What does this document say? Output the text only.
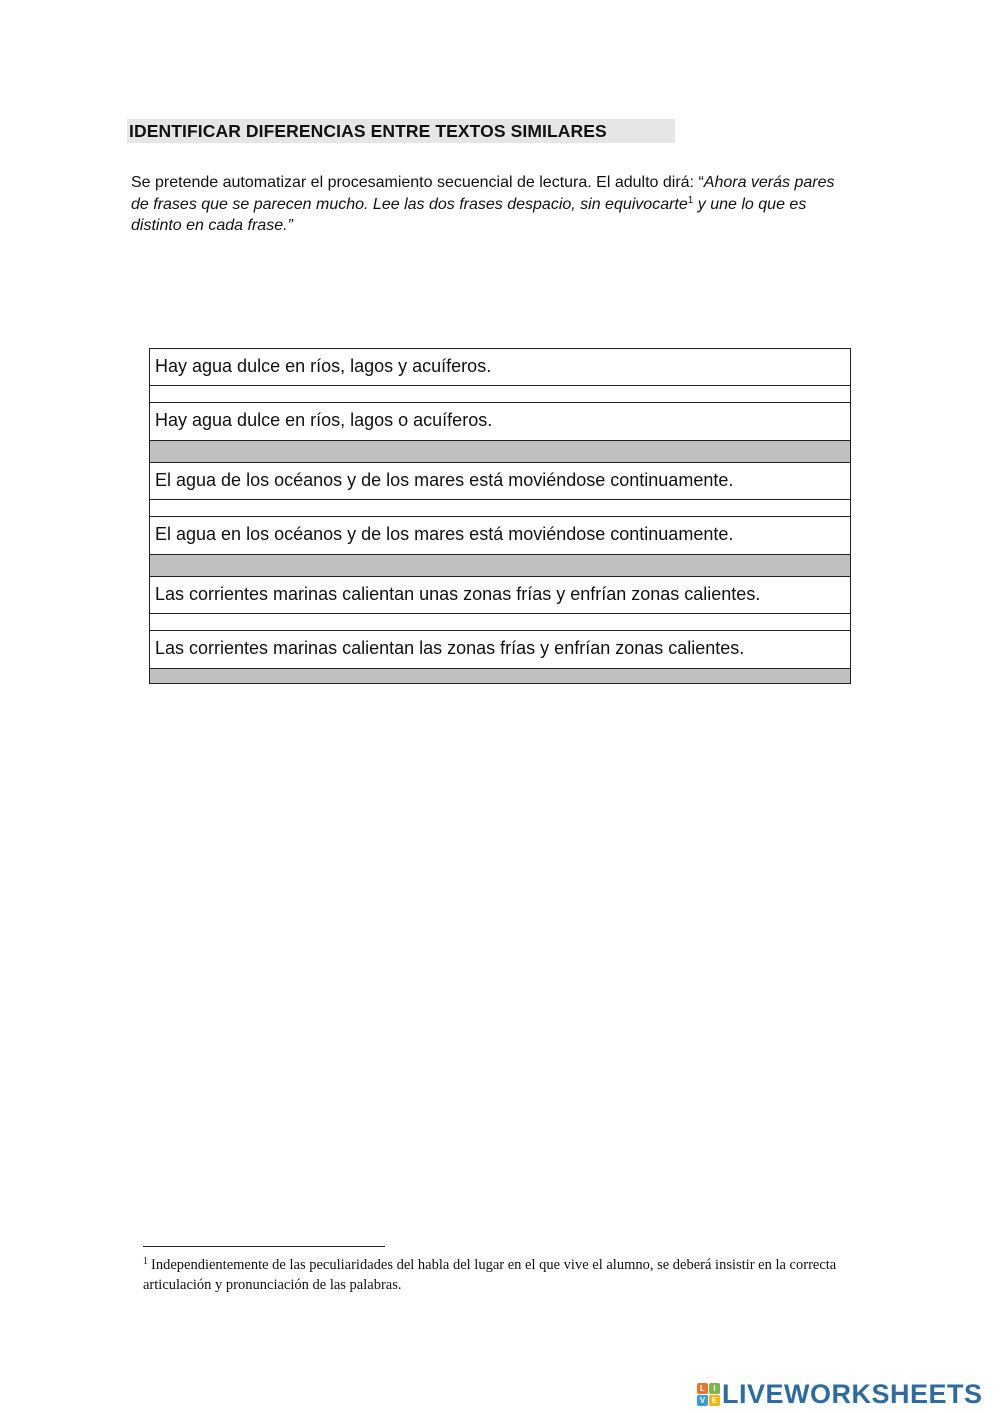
IDENTIFICAR DIFERENCIAS ENTRE TEXTOS SIMILARES
Se pretende automatizar el procesamiento secuencial de lectura. El adulto dirá: “Ahora verás pares de frases que se parecen mucho. Lee las dos frases despacio, sin equivocarte$^1$ y une lo que es distinto en cada frase.”
Hay agua dulce en ríos, lagos y acuíferos.
Hay agua dulce en ríos, lagos o acuíferos.
El agua de los océanos y de los mares está moviéndose continuamente.
El agua en los océanos y de los mares está moviéndose continuamente.
Las corrientes marinas calientan unas zonas frías y enfrían zonas calientes.
Las corrientes marinas calientan las zonas frías y enfrían zonas calientes.
$^1$ Independientemente de las peculiaridades del habla del lugar en el que vive el alumno, se deberá insistir en la correcta articulación y pronunciación de las palabras.
L	I
V E LIVEWORKSHEETS
